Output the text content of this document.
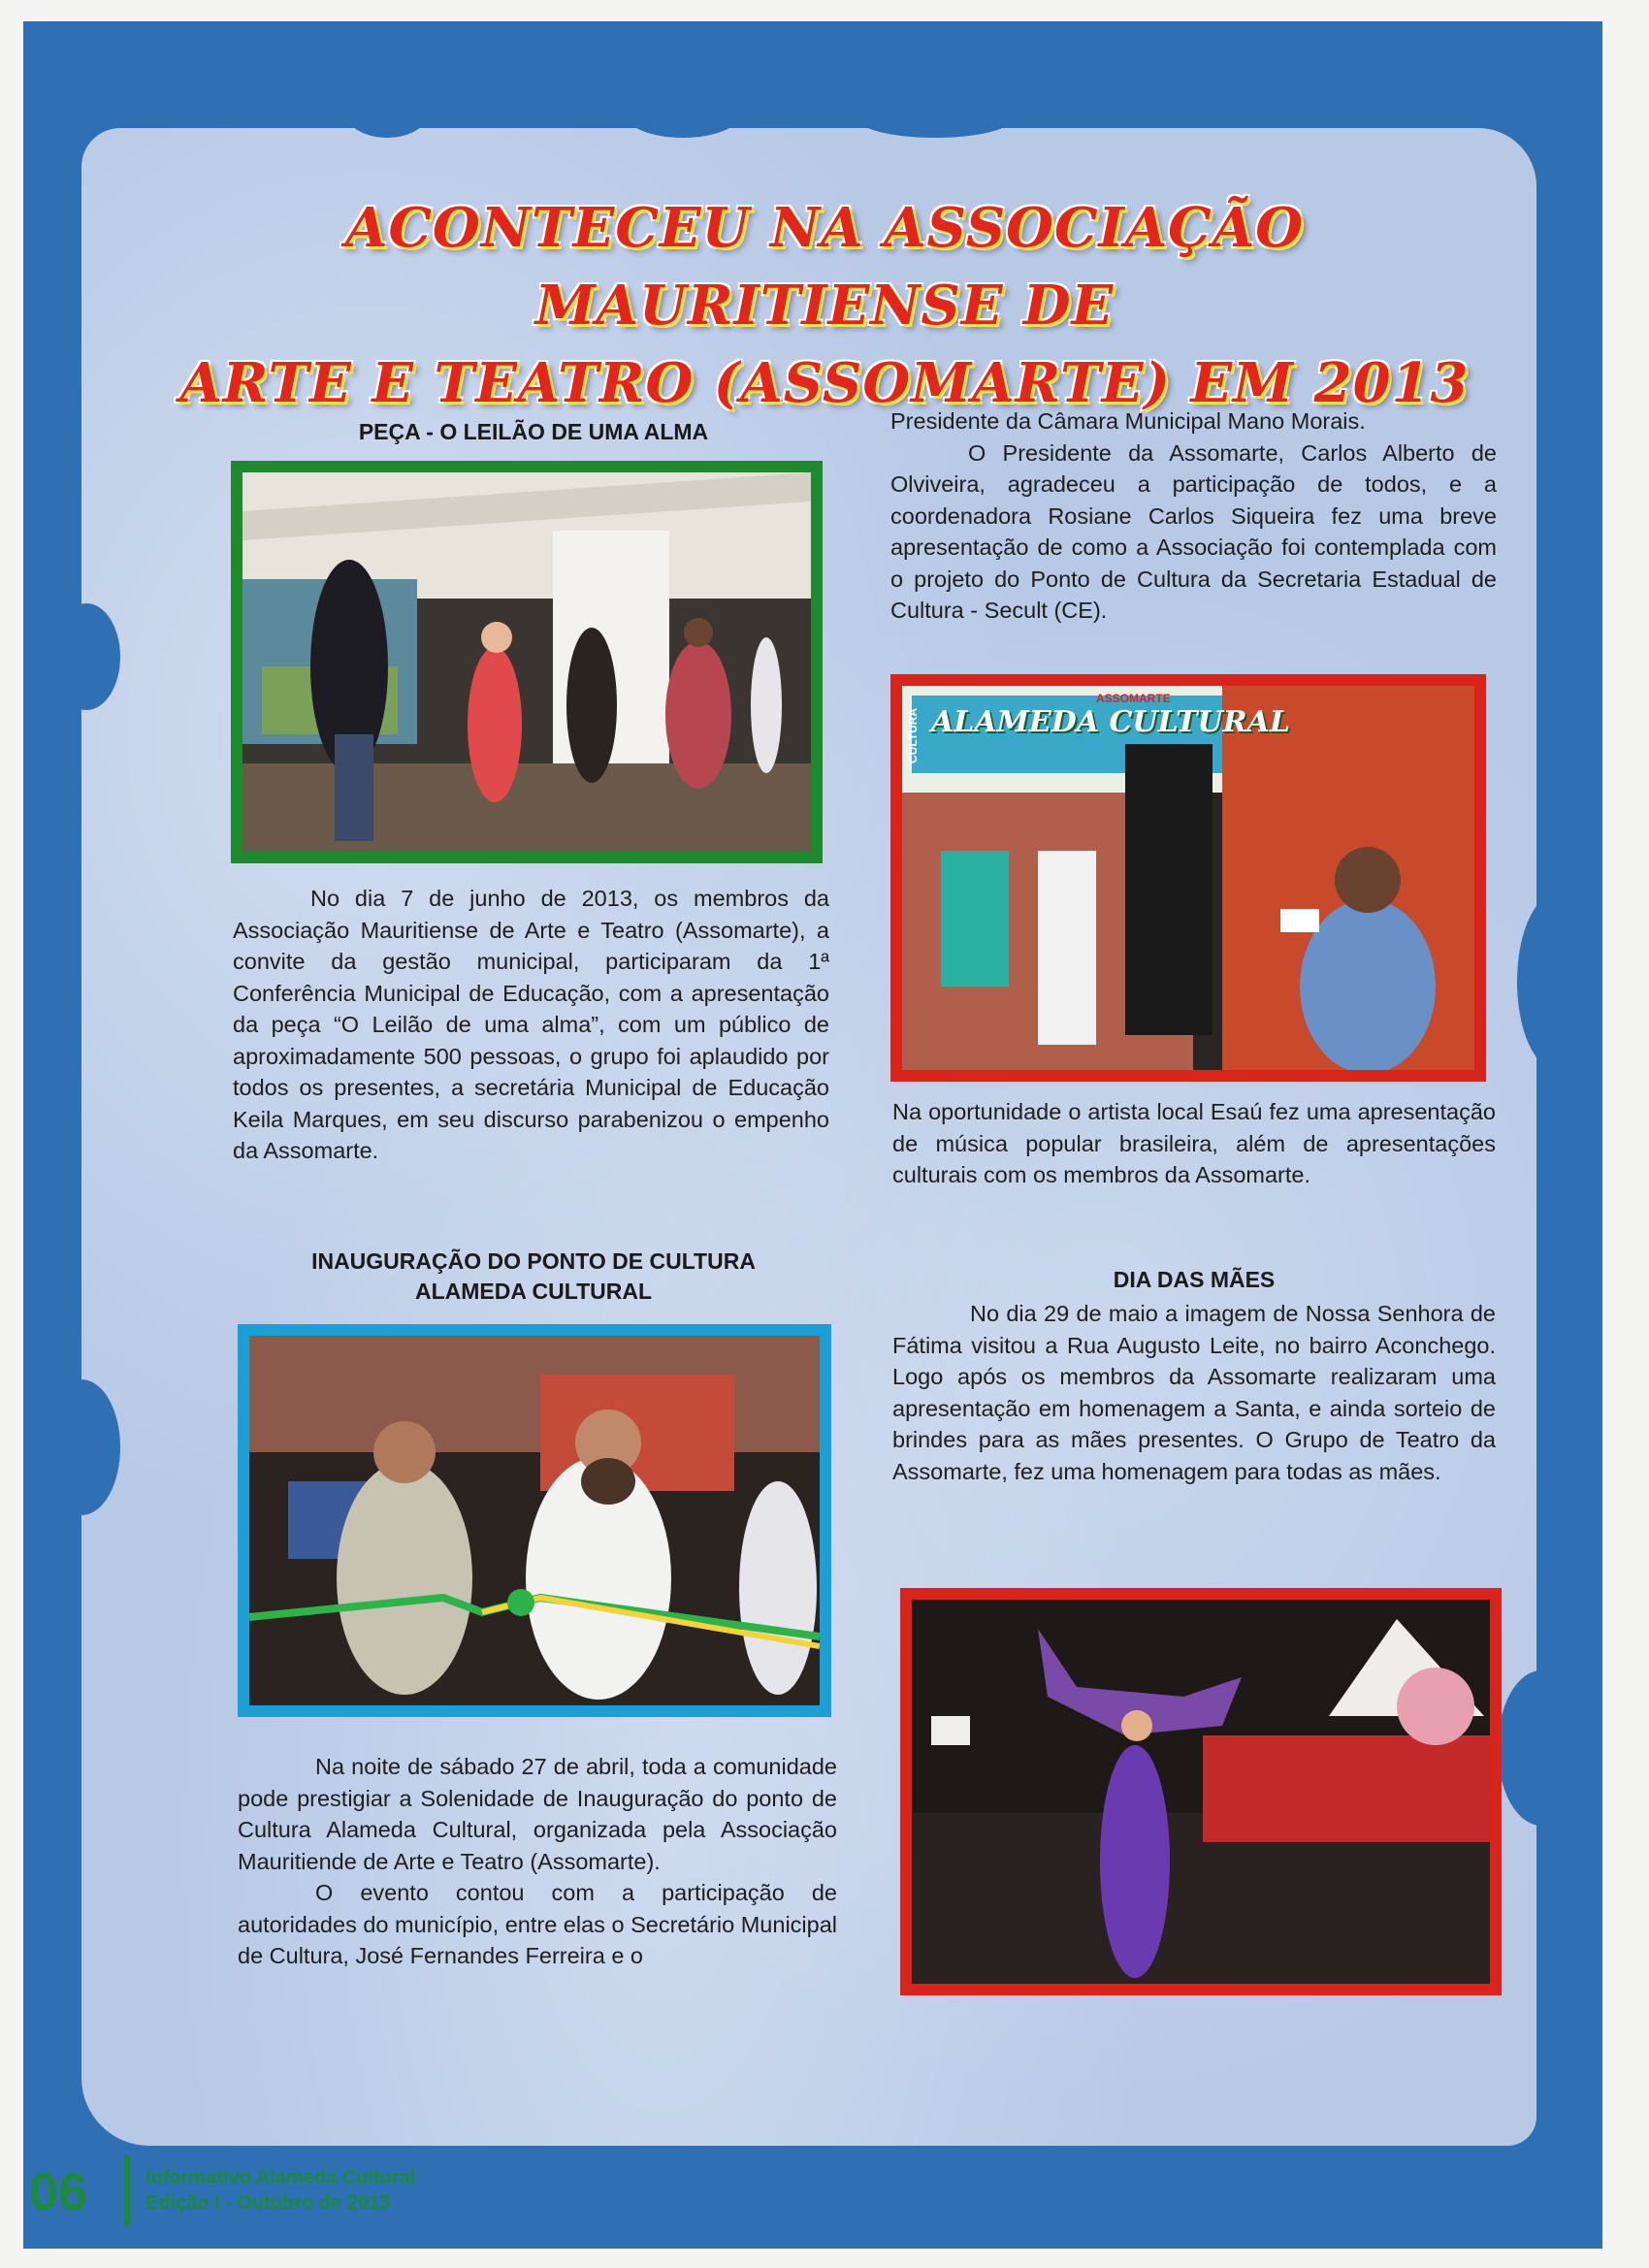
ACONTECEU NA ASSOCIAÇÃO MAURITIENSE DE
ARTE E TEATRO (ASSOMARTE) EM 2013
PEÇA - O LEILÃO DE UMA ALMA

No dia 7 de junho de 2013, os membros da Associação Mauritiense de Arte e Teatro (Assomarte), a convite da gestão municipal, participaram da 1ª Conferência Municipal de Educação, com a apresentação da peça “O Leilão de uma alma”, com um público de aproximadamente 500 pessoas, o grupo foi aplaudido por todos os presentes, a secretária Municipal de Educação Keila Marques, em seu discurso parabenizou o empenho da Assomarte.

INAUGURAÇÃO DO PONTO DE CULTURA
ALAMEDA CULTURAL

Na noite de sábado 27 de abril, toda a comunidade pode prestigiar a Solenidade de Inauguração do ponto de Cultura Alameda Cultural, organizada pela Associação Mauritiende de Arte e Teatro (Assomarte).

O evento contou com a participação de autoridades do município, entre elas o Secretário Municipal de Cultura, José Fernandes Ferreira e o

Presidente da Câmara Municipal Mano Morais.

O Presidente da Assomarte, Carlos Alberto de Olviveira, agradeceu a participação de todos, e a coordenadora Rosiane Carlos Siqueira fez uma breve apresentação de como a Associação foi contemplada com o projeto do Ponto de Cultura da Secretaria Estadual de Cultura - Secult (CE).

CULTURA
ASSOMARTE
ALAMEDA CULTURAL

Na oportunidade o artista local Esaú fez uma apresentação de música popular brasileira, além de apresentações culturais com os membros da Assomarte.

DIA DAS MÃES

No dia 29 de maio a imagem de Nossa Senhora de Fátima visitou a Rua Augusto Leite, no bairro Aconchego. Logo após os membros da Assomarte realizaram uma apresentação em homenagem a Santa, e ainda sorteio de brindes para as mães presentes. O Grupo de Teatro da Assomarte, fez uma homenagem para todas as mães.

06	Informativo Alameda Cultural
Edição I - Outubro de 2013
